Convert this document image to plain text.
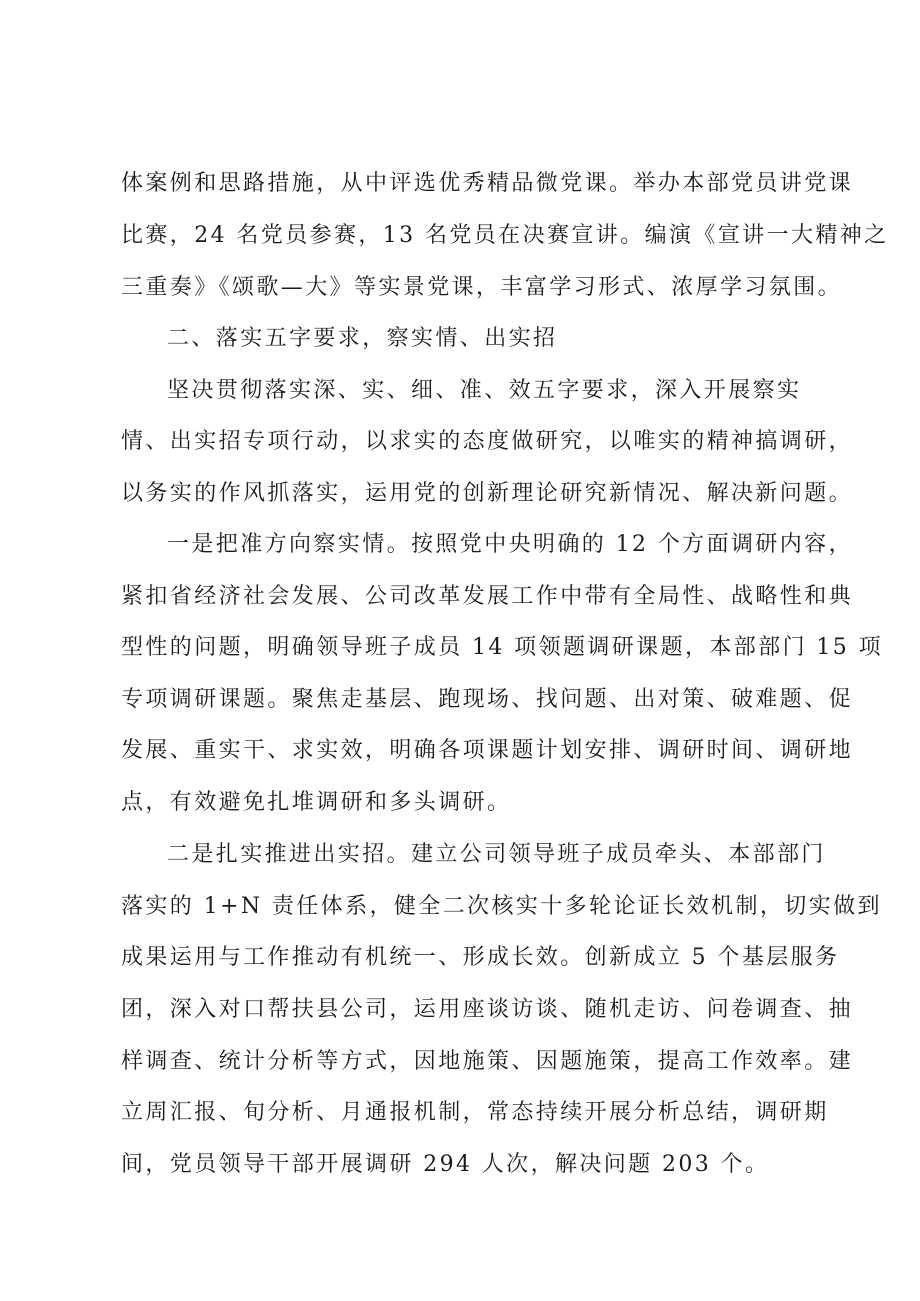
体案例和思路措施，从中评选优秀精品微党课。举办本部党员讲党课
比赛，24 名党员参赛，13 名党员在决赛宣讲。编演《宣讲一大精神之
三重奏》《颂歌—大》等实景党课，丰富学习形式、浓厚学习氛围。
二、落实五字要求，察实情、出实招
坚决贯彻落实深、实、细、准、效五字要求，深入开展察实
情、出实招专项行动，以求实的态度做研究，以唯实的精神搞调研，
以务实的作风抓落实，运用党的创新理论研究新情况、解决新问题。
一是把准方向察实情。按照党中央明确的 12 个方面调研内容，
紧扣省经济社会发展、公司改革发展工作中带有全局性、战略性和典
型性的问题，明确领导班子成员 14 项领题调研课题，本部部门 15 项
专项调研课题。聚焦走基层、跑现场、找问题、出对策、破难题、促
发展、重实干、求实效，明确各项课题计划安排、调研时间、调研地
点，有效避免扎堆调研和多头调研。
二是扎实推进出实招。建立公司领导班子成员牵头、本部部门
落实的 1+N 责任体系，健全二次核实十多轮论证长效机制，切实做到
成果运用与工作推动有机统一、形成长效。创新成立 5 个基层服务
团，深入对口帮扶县公司，运用座谈访谈、随机走访、问卷调查、抽
样调查、统计分析等方式，因地施策、因题施策，提高工作效率。建
立周汇报、旬分析、月通报机制，常态持续开展分析总结，调研期
间，党员领导干部开展调研 294 人次，解决问题 203 个。
